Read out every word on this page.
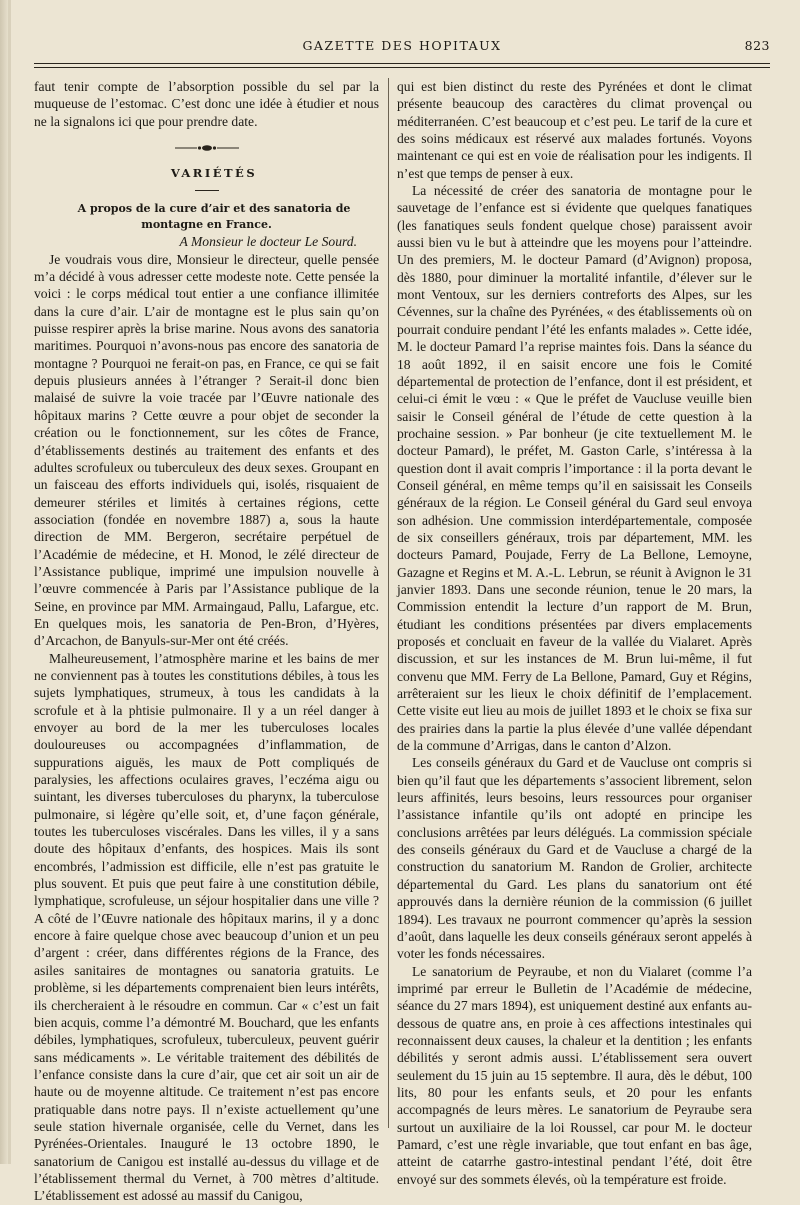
GAZETTE DES HOPITAUX	823

faut tenir compte de l’absorption possible du sel par la muqueuse de l’estomac. C’est donc une idée à étudier et nous ne la signalons ici que pour prendre date.

VARIÉTÉS

A propos de la cure d’air et des sanatoria de montagne en France.

A Monsieur le docteur Le Sourd.

Je voudrais vous dire, Monsieur le directeur, quelle pensée m’a décidé à vous adresser cette modeste note. Cette pensée la voici : le corps médical tout entier a une confiance illimitée dans la cure d’air. L’air de montagne est le plus sain qu’on puisse respirer après la brise marine. Nous avons des sanatoria maritimes. Pourquoi n’avons-nous pas encore des sanatoria de montagne ? Pourquoi ne ferait-on pas, en France, ce qui se fait depuis plusieurs années à l’étranger ? Serait-il donc bien malaisé de suivre la voie tracée par l’Œuvre nationale des hôpitaux marins ? Cette œuvre a pour objet de seconder la création ou le fonctionnement, sur les côtes de France, d’établissements destinés au traitement des enfants et des adultes scrofuleux ou tuberculeux des deux sexes. Groupant en un faisceau des efforts individuels qui, isolés, risquaient de demeurer stériles et limités à certaines régions, cette association (fondée en novembre 1887) a, sous la haute direction de MM. Bergeron, secrétaire perpétuel de l’Académie de médecine, et H. Monod, le zélé directeur de l’Assistance publique, imprimé une impulsion nouvelle à l’œuvre commencée à Paris par l’Assistance publique de la Seine, en province par MM. Armaingaud, Pallu, Lafargue, etc. En quelques mois, les sanatoria de Pen-Bron, d’Hyères, d’Arcachon, de Banyuls-sur-Mer ont été créés.

Malheureusement, l’atmosphère marine et les bains de mer ne conviennent pas à toutes les constitutions débiles, à tous les sujets lymphatiques, strumeux, à tous les candidats à la scrofule et à la phtisie pulmonaire. Il y a un réel danger à envoyer au bord de la mer les tuberculoses locales douloureuses ou accompagnées d’inflammation, de suppurations aiguës, les maux de Pott compliqués de paralysies, les affections oculaires graves, l’eczéma aigu ou suintant, les diverses tuberculoses du pharynx, la tuberculose pulmonaire, si légère qu’elle soit, et, d’une façon générale, toutes les tuberculoses viscérales. Dans les villes, il y a sans doute des hôpitaux d’enfants, des hospices. Mais ils sont encombrés, l’admission est difficile, elle n’est pas gratuite le plus souvent. Et puis que peut faire à une constitution débile, lymphatique, scrofuleuse, un séjour hospitalier dans une ville ? A côté de l’Œuvre nationale des hôpitaux marins, il y a donc encore à faire quelque chose avec beaucoup d’union et un peu d’argent : créer, dans différentes régions de la France, des asiles sanitaires de montagnes ou sanatoria gratuits. Le problème, si les départements comprenaient bien leurs intérêts, ils chercheraient à le résoudre en commun. Car « c’est un fait bien acquis, comme l’a démontré M. Bouchard, que les enfants débiles, lymphatiques, scrofuleux, tuberculeux, peuvent guérir sans médicaments ». Le véritable traitement des débilités de l’enfance consiste dans la cure d’air, que cet air soit un air de haute ou de moyenne altitude. Ce traitement n’est pas encore pratiquable dans notre pays. Il n’existe actuellement qu’une seule station hivernale organisée, celle du Vernet, dans les Pyrénées-Orientales. Inauguré le 13 octobre 1890, le sanatorium de Canigou est installé au-dessus du village et de l’établissement thermal du Vernet, à 700 mètres d’altitude. L’établissement est adossé au massif du Canigou,

qui est bien distinct du reste des Pyrénées et dont le climat présente beaucoup des caractères du climat provençal ou méditerranéen. C’est beaucoup et c’est peu. Le tarif de la cure et des soins médicaux est réservé aux malades fortunés. Voyons maintenant ce qui est en voie de réalisation pour les indigents. Il n’est que temps de penser à eux.

La nécessité de créer des sanatoria de montagne pour le sauvetage de l’enfance est si évidente que quelques fanatiques (les fanatiques seuls fondent quelque chose) paraissent avoir aussi bien vu le but à atteindre que les moyens pour l’atteindre. Un des premiers, M. le docteur Pamard (d’Avignon) proposa, dès 1880, pour diminuer la mortalité infantile, d’élever sur le mont Ventoux, sur les derniers contreforts des Alpes, sur les Cévennes, sur la chaîne des Pyrénées, « des établissements où on pourrait conduire pendant l’été les enfants malades ». Cette idée, M. le docteur Pamard l’a reprise maintes fois. Dans la séance du 18 août 1892, il en saisit encore une fois le Comité départemental de protection de l’enfance, dont il est président, et celui-ci émit le vœu : « Que le préfet de Vaucluse veuille bien saisir le Conseil général de l’étude de cette question à la prochaine session. » Par bonheur (je cite textuellement M. le docteur Pamard), le préfet, M. Gaston Carle, s’intéressa à la question dont il avait compris l’importance : il la porta devant le Conseil général, en même temps qu’il en saisissait les Conseils généraux de la région. Le Conseil général du Gard seul envoya son adhésion. Une commission interdépartementale, composée de six conseillers généraux, trois par département, MM. les docteurs Pamard, Poujade, Ferry de La Bellone, Lemoyne, Gazagne et Regins et M. A.-L. Lebrun, se réunit à Avignon le 31 janvier 1893. Dans une seconde réunion, tenue le 20 mars, la Commission entendit la lecture d’un rapport de M. Brun, étudiant les conditions présentées par divers emplacements proposés et concluait en faveur de la vallée du Vialaret. Après discussion, et sur les instances de M. Brun lui-même, il fut convenu que MM. Ferry de La Bellone, Pamard, Guy et Régins, arrêteraient sur les lieux le choix définitif de l’emplacement. Cette visite eut lieu au mois de juillet 1893 et le choix se fixa sur des prairies dans la partie la plus élevée d’une vallée dépendant de la commune d’Arrigas, dans le canton d’Alzon.

Les conseils généraux du Gard et de Vaucluse ont compris si bien qu’il faut que les départements s’associent librement, selon leurs affinités, leurs besoins, leurs ressources pour organiser l’assistance infantile qu’ils ont adopté en principe les conclusions arrêtées par leurs délégués. La commission spéciale des conseils généraux du Gard et de Vaucluse a chargé de la construction du sanatorium M. Randon de Grolier, architecte départemental du Gard. Les plans du sanatorium ont été approuvés dans la dernière réunion de la commission (6 juillet 1894). Les travaux ne pourront commencer qu’après la session d’août, dans laquelle les deux conseils généraux seront appelés à voter les fonds nécessaires.

Le sanatorium de Peyraube, et non du Vialaret (comme l’a imprimé par erreur le Bulletin de l’Académie de médecine, séance du 27 mars 1894), est uniquement destiné aux enfants au-dessous de quatre ans, en proie à ces affections intestinales qui reconnaissent deux causes, la chaleur et la dentition ; les enfants débilités y seront admis aussi. L’établissement sera ouvert seulement du 15 juin au 15 septembre. Il aura, dès le début, 100 lits, 80 pour les enfants seuls, et 20 pour les enfants accompagnés de leurs mères. Le sanatorium de Peyraube sera surtout un auxiliaire de la loi Roussel, car pour M. le docteur Pamard, c’est une règle invariable, que tout enfant en bas âge, atteint de catarrhe gastro-intestinal pendant l’été, doit être envoyé sur des sommets élevés, où la température est froide.
